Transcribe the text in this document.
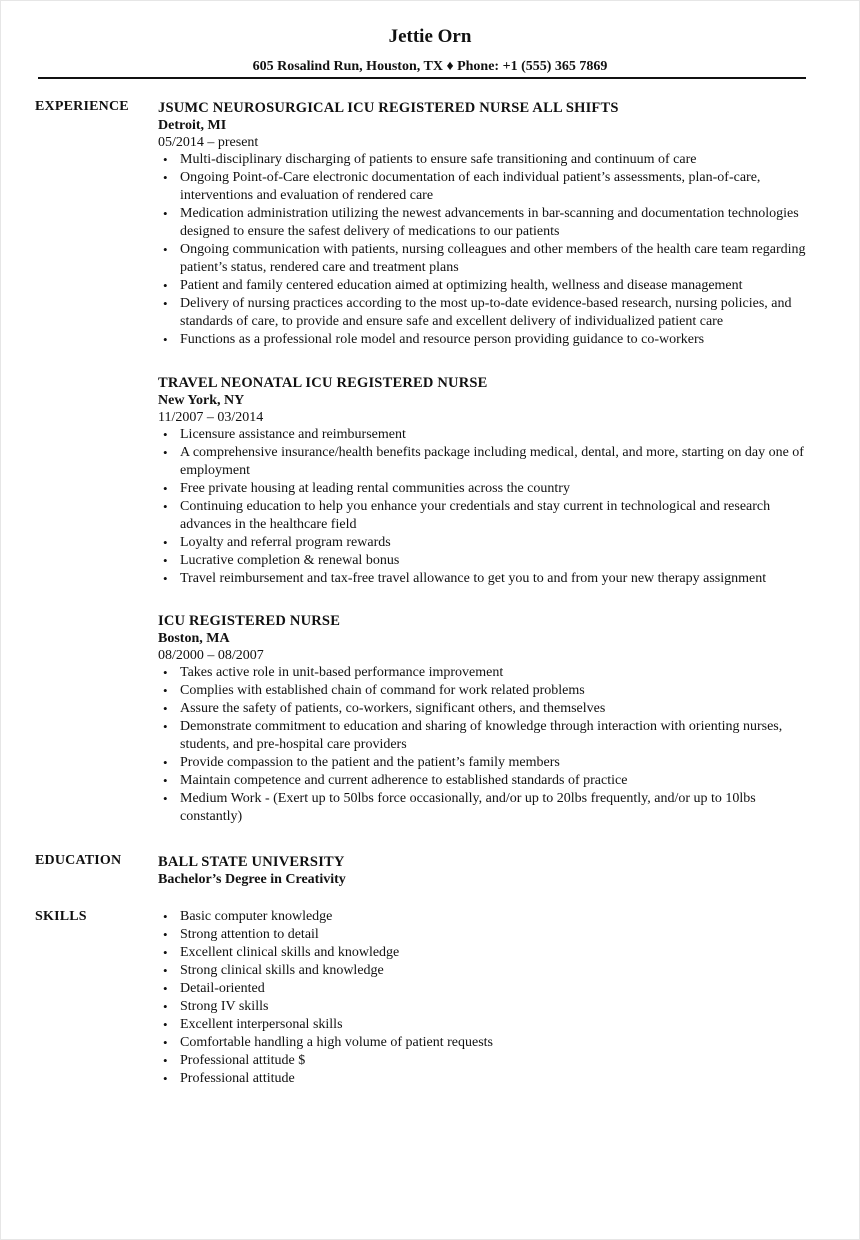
Jettie Orn
605 Rosalind Run, Houston, TX ♦ Phone: +1 (555) 365 7869
EXPERIENCE JSUMC NEUROSURGICAL ICU REGISTERED NURSE ALL SHIFTS
Detroit, MI
05/2014 – present
• Multi-disciplinary discharging of patients to ensure safe transitioning and continuum of care
• Ongoing Point-of-Care electronic documentation of each individual patient’s assessments, plan-of-care, interventions and evaluation of rendered care
• Medication administration utilizing the newest advancements in bar-scanning and documentation technologies designed to ensure the safest delivery of medications to our patients
• Ongoing communication with patients, nursing colleagues and other members of the health care team regarding patient’s status, rendered care and treatment plans
• Patient and family centered education aimed at optimizing health, wellness and disease management
• Delivery of nursing practices according to the most up-to-date evidence-based research, nursing policies, and standards of care, to provide and ensure safe and excellent delivery of individualized patient care
• Functions as a professional role model and resource person providing guidance to co-workers
TRAVEL NEONATAL ICU REGISTERED NURSE
New York, NY
11/2007 – 03/2014
• Licensure assistance and reimbursement
• A comprehensive insurance/health benefits package including medical, dental, and more, starting on day one of employment
• Free private housing at leading rental communities across the country
• Continuing education to help you enhance your credentials and stay current in technological and research advances in the healthcare field
• Loyalty and referral program rewards
• Lucrative completion & renewal bonus
• Travel reimbursement and tax-free travel allowance to get you to and from your new therapy assignment
ICU REGISTERED NURSE
Boston, MA
08/2000 – 08/2007
• Takes active role in unit-based performance improvement
• Complies with established chain of command for work related problems
• Assure the safety of patients, co-workers, significant others, and themselves
• Demonstrate commitment to education and sharing of knowledge through interaction with orienting nurses, students, and pre-hospital care providers
• Provide compassion to the patient and the patient’s family members
• Maintain competence and current adherence to established standards of practice
• Medium Work - (Exert up to 50lbs force occasionally, and/or up to 20lbs frequently, and/or up to 10lbs constantly)
EDUCATION	BALL STATE UNIVERSITY
Bachelor’s Degree in Creativity
SKILLS
•	Basic computer knowledge
• Strong attention to detail
• Excellent clinical skills and knowledge
• Strong clinical skills and knowledge
• Detail-oriented
• Strong IV skills
• Excellent interpersonal skills
• Comfortable handling a high volume of patient requests
• Professional attitude $
• Professional attitude
